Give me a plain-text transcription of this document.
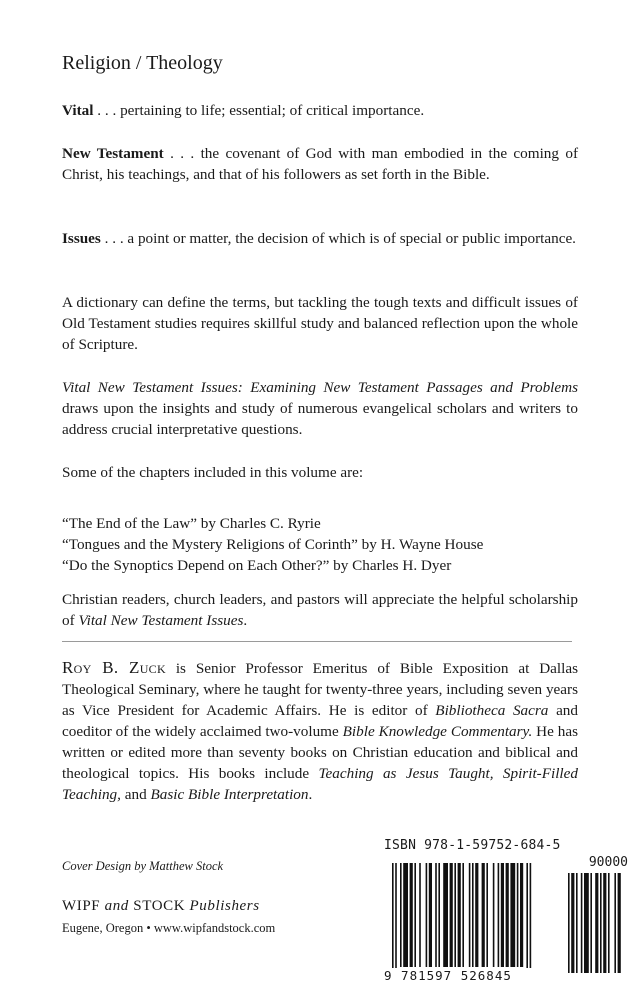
Religion / Theology
Vital . . . pertaining to life; essential; of critical importance.
New Testament . . . the covenant of God with man embodied in the coming of Christ, his teachings, and that of his followers as set forth in the Bible.
Issues . . . a point or matter, the decision of which is of special or public importance.
A dictionary can define the terms, but tackling the tough texts and difficult issues of Old Testament studies requires skillful study and balanced reflection upon the whole of Scripture.
Vital New Testament Issues: Examining New Testament Passages and Problems draws upon the insights and study of numerous evangelical scholars and writers to address crucial interpretative questions.
Some of the chapters included in this volume are:
“The End of the Law” by Charles C. Ryrie
“Tongues and the Mystery Religions of Corinth” by H. Wayne House
“Do the Synoptics Depend on Each Other?” by Charles H. Dyer
Christian readers, church leaders, and pastors will appreciate the helpful scholarship of Vital New Testament Issues.
Roy B. Zuck is Senior Professor Emeritus of Bible Exposition at Dallas Theological Seminary, where he taught for twenty-three years, including seven years as Vice President for Academic Affairs. He is editor of Bibliotheca Sacra and coeditor of the widely acclaimed two-volume Bible Knowledge Commentary. He has written or edited more than seventy books on Christian education and biblical and theological topics. His books include Teaching as Jesus Taught, Spirit-Filled Teaching, and Basic Bible Interpretation.
Cover Design by Matthew Stock
WIPF and STOCK Publishers
Eugene, Oregon • www.wipfandstock.com
ISBN 978-1-59752-684-5
90000
9 781597 526845
